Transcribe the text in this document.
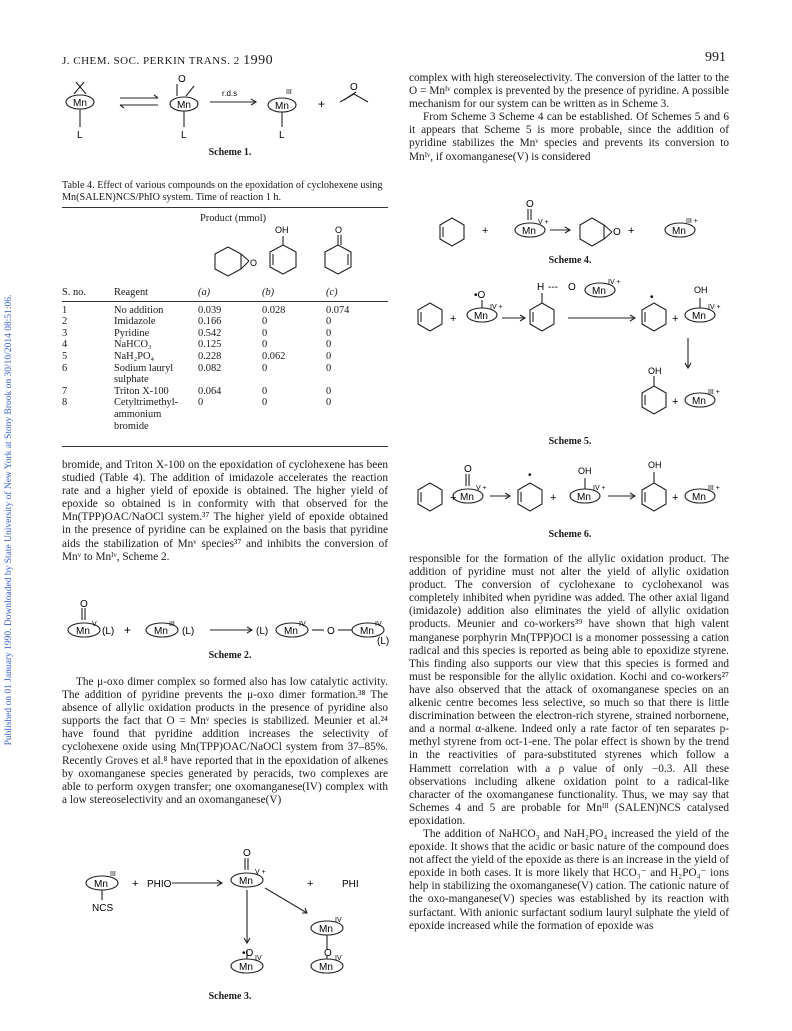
J. CHEM. SOC. PERKIN TRANS. 2 1990	991
Published on 01 January 1990. Downloaded by State University of New York at Stony Brook on 30/10/2014 08:51:06.
Mn
L
O
Mn
L
r.d.s	III
Mn
L
+
O
Scheme 1.
Table 4. Effect of various compounds on the epoxidation of cyclohexene using Mn(SALEN)NCS/PhIO system. Time of reaction 1 h.
Product (mmol)
O
OH	O
S. no.	Reagent	(a)	(b)	(c)
1	No addition	0.039	0.028	0.074
2	Imidazole	0.166	0	0
3	Pyridine	0.542	0	0
4	NaHCO₃	0.125	0	0
5	NaH₂PO₄	0.228	0.062	0
6	Sodium lauryl sulphate	0.082	0	0
7	Triton X-100	0.064	0	0
8	Cetyltrimethyl-ammonium bromide	0	0	0

bromide, and Triton X-100 on the epoxidation of cyclohexene has been studied (Table 4). The addition of imidazole accelerates the reaction rate and a higher yield of epoxide is obtained. The higher yield of epoxide so obtained is in conformity with that observed for the Mn(TPP)OAC/NaOCl system.³⁷ The higher yield of epoxide obtained in the presence of pyridine can be explained on the basis that pyridine aids the stabilization of Mnᵛ species³⁷ and inhibits the conversion of Mnᵛ to Mnᴵᵛ, Scheme 2.

O
Mn
V
(L) + Mn
III
(L)	(L) Mn
IV
O	Mn
IV
(L)
Scheme 2.

The μ-oxo dimer complex so formed also has low catalytic activity. The addition of pyridine prevents the μ-oxo dimer formation.³⁸ The absence of allylic oxidation products in the presence of pyridine also supports the fact that O = Mnᵛ species is stabilized. Meunier et al.²⁴ have found that pyridine addition increases the selectivity of cyclohexene oxide using Mn(TPP)OAC/NaOCl system from 37–85%. Recently Groves et al.⁸ have reported that in the epoxidation of alkenes by oxomanganese species generated by peracids, two complexes are able to perform oxygen transfer; one oxomanganese(IV) complex with a low stereoselectivity and an oxomanganese(V)

Mn
III
NCS
+ PHIO
O
Mn
V +
+	PHI
Mn
IV
O
Mn
IV
•O
Mn
IV
Scheme 3.

complex with high stereoselectivity. The conversion of the latter to the O = Mnᴵᵛ complex is prevented by the presence of pyridine. A possible mechanism for our system can be written as in Scheme 3.

From Scheme 3 Scheme 4 can be established. Of Schemes 5 and 6 it appears that Scheme 5 is more probable, since the addition of pyridine stabilizes the Mnᵛ species and prevents its conversion to Mnᴵᵛ, if oxomanganese(V) is considered

+
O
Mn
V +
O +	Mn
III +
Scheme 4.
•O
+ Mn
IV +
H --- O Mn
IV +
•
+
OH
Mn
IV +
OH
+ Mn
III +
Scheme 5.
+
O
Mn
V +
•
+
OH
Mn
IV +
OH
+ Mn
III +
Scheme 6.

responsible for the formation of the allylic oxidation product. The addition of pyridine must not alter the yield of allylic oxidation product. The conversion of cyclohexane to cyclohexanol was completely inhibited when pyridine was added. The other axial ligand (imidazole) addition also eliminates the yield of allylic oxidation products. Meunier and co-workers³⁹ have shown that high valent manganese porphyrin Mn(TPP)OCl is a monomer possessing a cation radical and this species is reported as being able to epoxidize styrene. This finding also supports our view that this species is formed and must be responsible for the allylic oxidation. Kochi and co-workers²⁷ have also observed that the attack of oxomanganese species on an alkenic centre becomes less selective, so much so that there is little discrimination between the electron-rich styrene, strained norbornene, and a normal α-alkene. Indeed only a rate factor of ten separates p-methyl styrene from oct-1-ene. The polar effect is shown by the trend in the reactivities of para-substituted styrenes which follow a Hammett correlation with a ρ value of only −0.3. All these observations including alkene oxidation point to a radical-like character of the oxomanganese functionality. Thus, we may say that Schemes 4 and 5 are probable for Mnᴵᴵᴵ (SALEN)NCS catalysed epoxidation.

The addition of NaHCO₃ and NaH₂PO₄ increased the yield of the epoxide. It shows that the acidic or basic nature of the compound does not affect the yield of the epoxide as there is an increase in the yield of epoxide in both cases. It is more likely that HCO₃⁻ and H₂PO₄⁻ ions help in stabilizing the oxomanganese(V) cation. The cationic nature of the oxo-manganese(V) species was established by its reaction with surfactant. With anionic surfactant sodium lauryl sulphate the yield of epoxide increased while the formation of epoxide was
